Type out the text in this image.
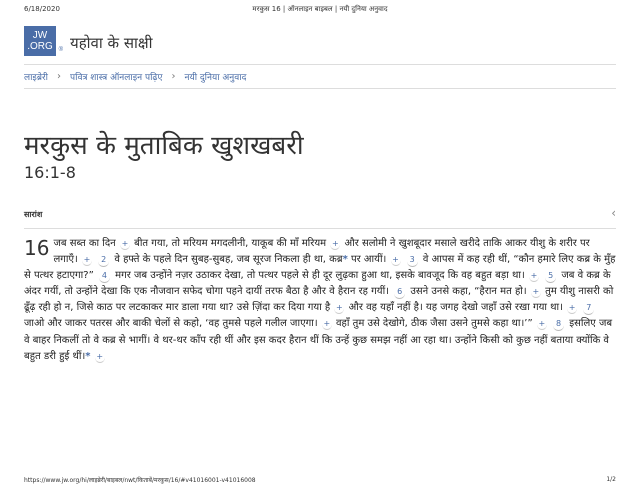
6/18/2020	मरकुस 16 | ऑनलाइन बाइबल | नयी दुनिया अनुवाद
JW
.ORG ® यहोवा के साक्षी
लाइब्रेरी › पवित्र शास्त्र ऑनलाइन पढ़िए › नयी दुनिया अनुवाद
मरकुस के मुताबिक खुशखबरी
16:1-8
सारांश	‹
16 जब सब्त का दिन + बीत गया, तो मरियम मगदलीनी, याकूब की माँ मरियम + और सलोमी ने खुशबूदार मसाले खरीदे ताकि आकर यीशु के शरीर पर लगाएँ। + 2 वे हफ्ते के पहले दिन सुबह-सुबह, जब सूरज निकला ही था, कब्र* पर आयीं। + 3 वे आपस में कह रही थीं, “कौन हमारे लिए कब्र के मुँह से पत्थर हटाएगा?” 4 मगर जब उन्होंने नज़र उठाकर देखा, तो पत्थर पहले से ही दूर लुढ़का हुआ था, इसके बावजूद कि वह बहुत बड़ा था। + 5 जब वे कब्र के अंदर गयीं, तो उन्होंने देखा कि एक नौजवान सफेद चोगा पहने दायीं तरफ बैठा है और वे हैरान रह गयीं। 6 उसने उनसे कहा, “हैरान मत हो। + तुम यीशु नासरी को ढूँढ़ रही हो न, जिसे काठ पर लटकाकर मार डाला गया था? उसे ज़िंदा कर दिया गया है + और वह यहाँ नहीं है। यह जगह देखो जहाँ उसे रखा गया था। + 7 जाओ और जाकर पतरस और बाकी चेलों से कहो, ‘वह तुमसे पहले गलील जाएगा। + वहाँ तुम उसे देखोगे, ठीक जैसा उसने तुमसे कहा था।’” + 8 इसलिए जब वे बाहर निकलीं तो वे कब्र से भागीं। वे थर-थर काँप रही थीं और इस कदर हैरान थीं कि उन्हें कुछ समझ नहीं आ रहा था। उन्होंने किसी को कुछ नहीं बताया क्योंकि वे बहुत डरी हुई थीं।* +
https://www.jw.org/hi/लाइब्रेरी/बाइबल/nwt/किताबें/मरकुस/16/#v41016001-v41016008	1/2
